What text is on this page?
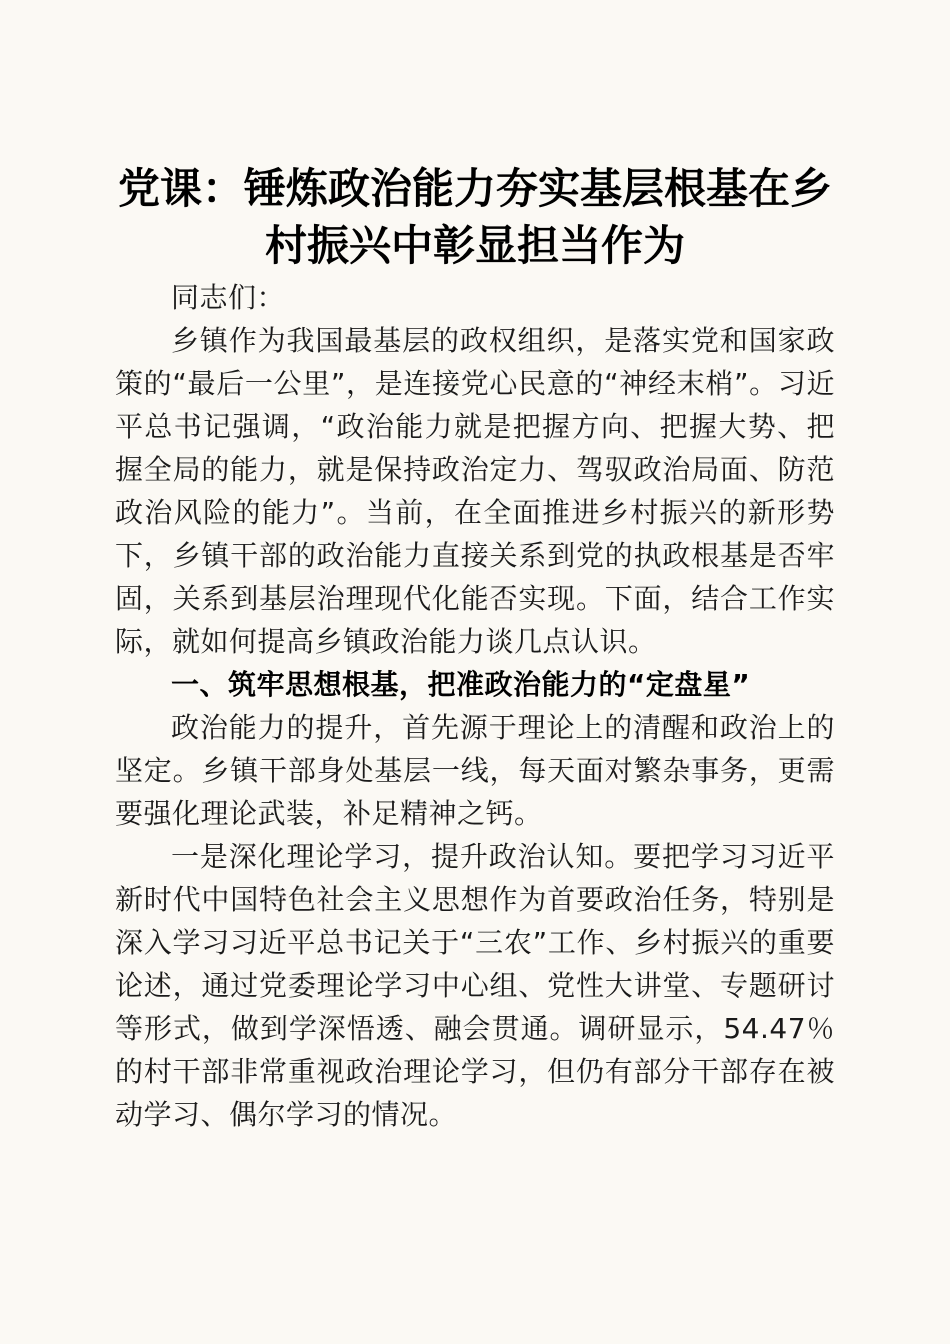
党课：锤炼政治能力夯实基层根基在乡村振兴中彰显担当作为

同志们：

乡镇作为我国最基层的政权组织，是落实党和国家政策的“最后一公里”，是连接党心民意的“神经末梢”。习近平总书记强调，“政治能力就是把握方向、把握大势、把握全局的能力，就是保持政治定力、驾驭政治局面、防范政治风险的能力”。当前，在全面推进乡村振兴的新形势下，乡镇干部的政治能力直接关系到党的执政根基是否牢固，关系到基层治理现代化能否实现。下面，结合工作实际，就如何提高乡镇政治能力谈几点认识。

一、筑牢思想根基，把准政治能力的“定盘星”

政治能力的提升，首先源于理论上的清醒和政治上的坚定。乡镇干部身处基层一线，每天面对繁杂事务，更需要强化理论武装，补足精神之钙。

一是深化理论学习，提升政治认知。要把学习习近平新时代中国特色社会主义思想作为首要政治任务，特别是深入学习习近平总书记关于“三农”工作、乡村振兴的重要论述，通过党委理论学习中心组、党性大讲堂、专题研讨等形式，做到学深悟透、融会贯通。调研显示，54.47％的村干部非常重视政治理论学习，但仍有部分干部存在被动学习、偶尔学习的情况。
